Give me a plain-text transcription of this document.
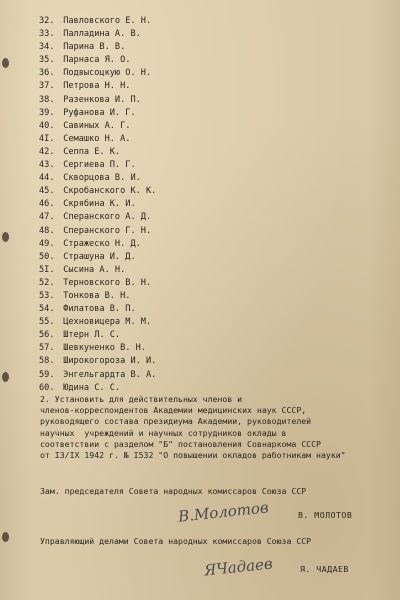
32. Павловского Е. Н.
33. Палладина А. В.
34. Парина В. В.
35. Парнаса Я. О.
36. Подвысоцкую О. Н.
37. Петрова Н. Н.
38. Разенкова И. П.
39. Руфанова И. Г.
40. Савиных А. Г.
4I. Семашко Н. А.
42. Сеппа Е. К.
43. Сергиева П. Г.
44. Скворцова В. И.
45. Скробанского К. К.
46. Скрябина К. И.
47. Сперанского А. Д.
48. Сперанского Г. Н.
49. Стражеско Н. Д.
50. Страшуна И. Д.
5I. Сысина А. Н.
52. Терновского В. Н.
53. Тонкова В. Н.
54. Филатова В. П.
55. Цехновицера М. М.
56. Штерн Л. С.
57. Шевкуненко В. Н.
58. Широкогороза И. И.
59. Энгельгардта В. А.
60. Юдина С. С.
2. Установить для действительных членов и
членов-корреспондентов Академии медицинских наук СССР,
руководящего состава президиума Академии, руководителей
научных  учреждений и научных сотрудников оклады в
соответствии с разделом "Б" постановления Совнаркома СССР
от I3/IX 1942 г. № I532 "О повышении окладов работникам науки"
Зам. председателя Совета народных комиссаров Союза ССР
В.Молотов	В. МОЛОТОВ
Управляющий делами Совета народных комиссаров Союза ССР
ЯЧадаев	Я. ЧАДАЕВ
